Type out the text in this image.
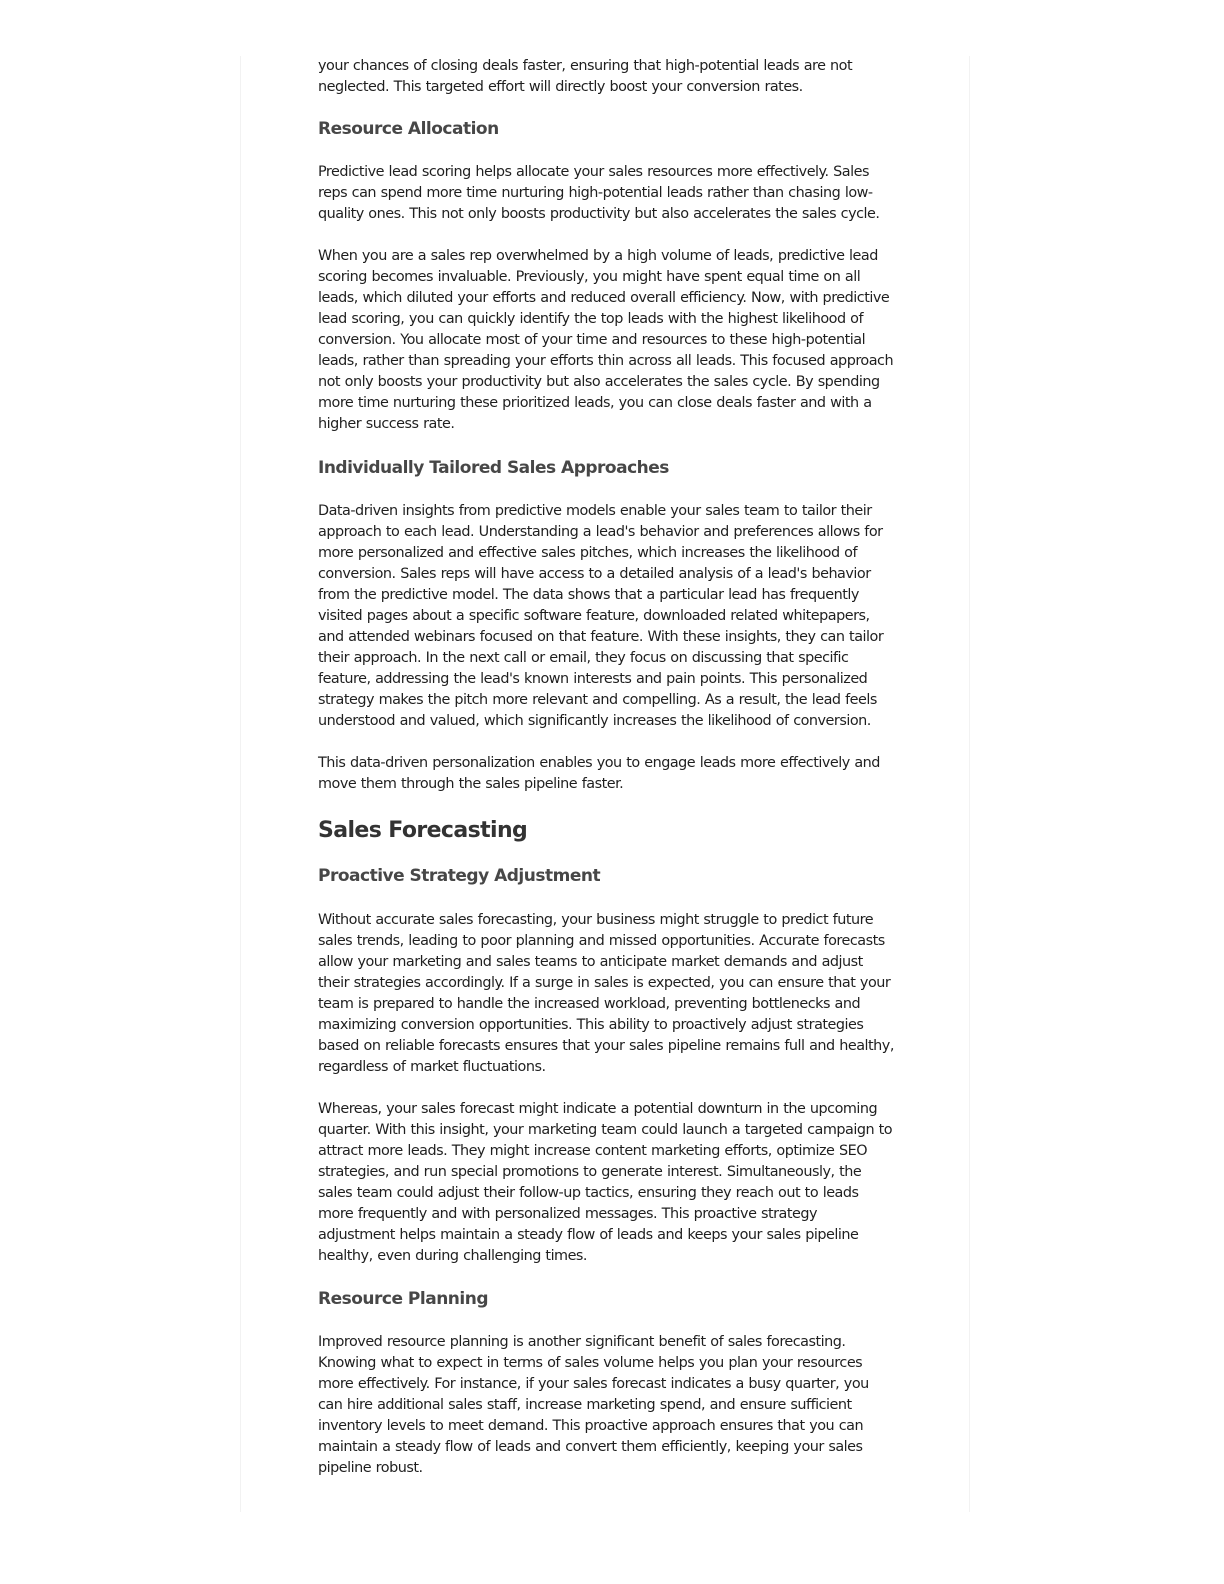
your chances of closing deals faster, ensuring that high-potential leads are not neglected. This targeted effort will directly boost your conversion rates.

Resource Allocation

Predictive lead scoring helps allocate your sales resources more effectively. Sales reps can spend more time nurturing high-potential leads rather than chasing low-quality ones. This not only boosts productivity but also accelerates the sales cycle.

When you are a sales rep overwhelmed by a high volume of leads, predictive lead scoring becomes invaluable. Previously, you might have spent equal time on all leads, which diluted your efforts and reduced overall efficiency. Now, with predictive lead scoring, you can quickly identify the top leads with the highest likelihood of conversion. You allocate most of your time and resources to these high-potential leads, rather than spreading your efforts thin across all leads. This focused approach not only boosts your productivity but also accelerates the sales cycle. By spending more time nurturing these prioritized leads, you can close deals faster and with a higher success rate.

Individually Tailored Sales Approaches

Data-driven insights from predictive models enable your sales team to tailor their approach to each lead. Understanding a lead's behavior and preferences allows for more personalized and effective sales pitches, which increases the likelihood of conversion. Sales reps will have access to a detailed analysis of a lead's behavior from the predictive model. The data shows that a particular lead has frequently visited pages about a specific software feature, downloaded related whitepapers, and attended webinars focused on that feature. With these insights, they can tailor their approach. In the next call or email, they focus on discussing that specific feature, addressing the lead's known interests and pain points. This personalized strategy makes the pitch more relevant and compelling. As a result, the lead feels understood and valued, which significantly increases the likelihood of conversion.

This data-driven personalization enables you to engage leads more effectively and move them through the sales pipeline faster.

Sales Forecasting
Proactive Strategy Adjustment

Without accurate sales forecasting, your business might struggle to predict future sales trends, leading to poor planning and missed opportunities. Accurate forecasts allow your marketing and sales teams to anticipate market demands and adjust their strategies accordingly. If a surge in sales is expected, you can ensure that your team is prepared to handle the increased workload, preventing bottlenecks and maximizing conversion opportunities. This ability to proactively adjust strategies based on reliable forecasts ensures that your sales pipeline remains full and healthy, regardless of market fluctuations.

Whereas, your sales forecast might indicate a potential downturn in the upcoming quarter. With this insight, your marketing team could launch a targeted campaign to attract more leads. They might increase content marketing efforts, optimize SEO strategies, and run special promotions to generate interest. Simultaneously, the sales team could adjust their follow-up tactics, ensuring they reach out to leads more frequently and with personalized messages. This proactive strategy adjustment helps maintain a steady flow of leads and keeps your sales pipeline healthy, even during challenging times.

Resource Planning

Improved resource planning is another significant benefit of sales forecasting. Knowing what to expect in terms of sales volume helps you plan your resources more effectively. For instance, if your sales forecast indicates a busy quarter, you can hire additional sales staff, increase marketing spend, and ensure sufficient inventory levels to meet demand. This proactive approach ensures that you can maintain a steady flow of leads and convert them efficiently, keeping your sales pipeline robust.
